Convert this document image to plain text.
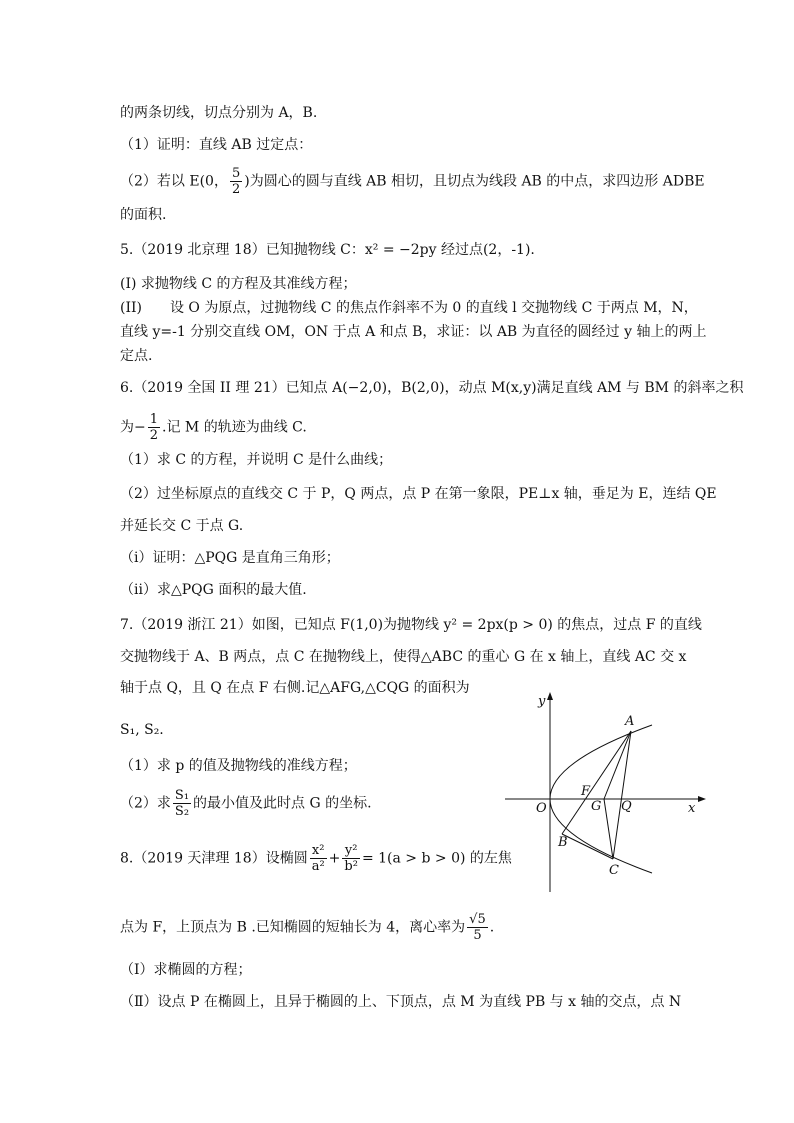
的两条切线，切点分别为 A，B.
（1）证明：直线 AB 过定点：
（2）若以 E(0， $\frac{5}{2}$ )为圆心的圆与直线 AB 相切，且切点为线段 AB 的中点，求四边形 ADBE
的面积.
5.（2019 北京理 18）已知抛物线 C：x² = −2py 经过点(2，-1).
(I) 求抛物线 C 的方程及其准线方程；
(II)　　设 O 为原点，过抛物线 C 的焦点作斜率不为 0 的直线 l 交抛物线 C 于两点 M，N，
直线 y=-1 分别交直线 OM，ON 于点 A 和点 B，求证：以 AB 为直径的圆经过 y 轴上的两上
定点.
6.（2019 全国 II 理 21）已知点 A(−2,0)，B(2,0)，动点 M(x,y)满足直线 AM 与 BM 的斜率之积
为− $\frac{1}{2}$ .记 M 的轨迹为曲线 C.
（1）求 C 的方程，并说明 C 是什么曲线；
（2）过坐标原点的直线交 C 于 P，Q 两点，点 P 在第一象限，PE⊥x 轴，垂足为 E，连结 QE
并延长交 C 于点 G.
（i）证明：△PQG 是直角三角形；
（ii）求△PQG 面积的最大值.
7.（2019 浙江 21）如图，已知点 F(1,0)为抛物线 y² = 2px(p > 0) 的焦点，过点 F 的直线
交抛物线于 A、B 两点，点 C 在抛物线上，使得△ABC 的重心 G 在 x 轴上，直线 AC 交 x
轴于点 Q，且 Q 在点 F 右侧.记△AFG,△CQG 的面积为
S₁, S₂.
（1）求 p 的值及抛物线的准线方程；
（2）求 $\frac{\text{S₁}}{\text{S₂}}$ 的最小值及此时点 G 的坐标.
8.（2019 天津理 18）设椭圆 $\frac{\text{x²}}{\text{a²}} + \frac{\text{y²}}{\text{b²}} = 1(a > b > 0)$ 的左焦
点为 F，上顶点为 B .已知椭圆的短轴长为 4，离心率为 $\frac{√5}{5}$ .
（Ⅰ）求椭圆的方程；
（Ⅱ）设点 P 在椭圆上，且异于椭圆的上、下顶点，点 M 为直线 PB 与 x 轴的交点，点 N
y
x
O
A
B
C
F
G Q
